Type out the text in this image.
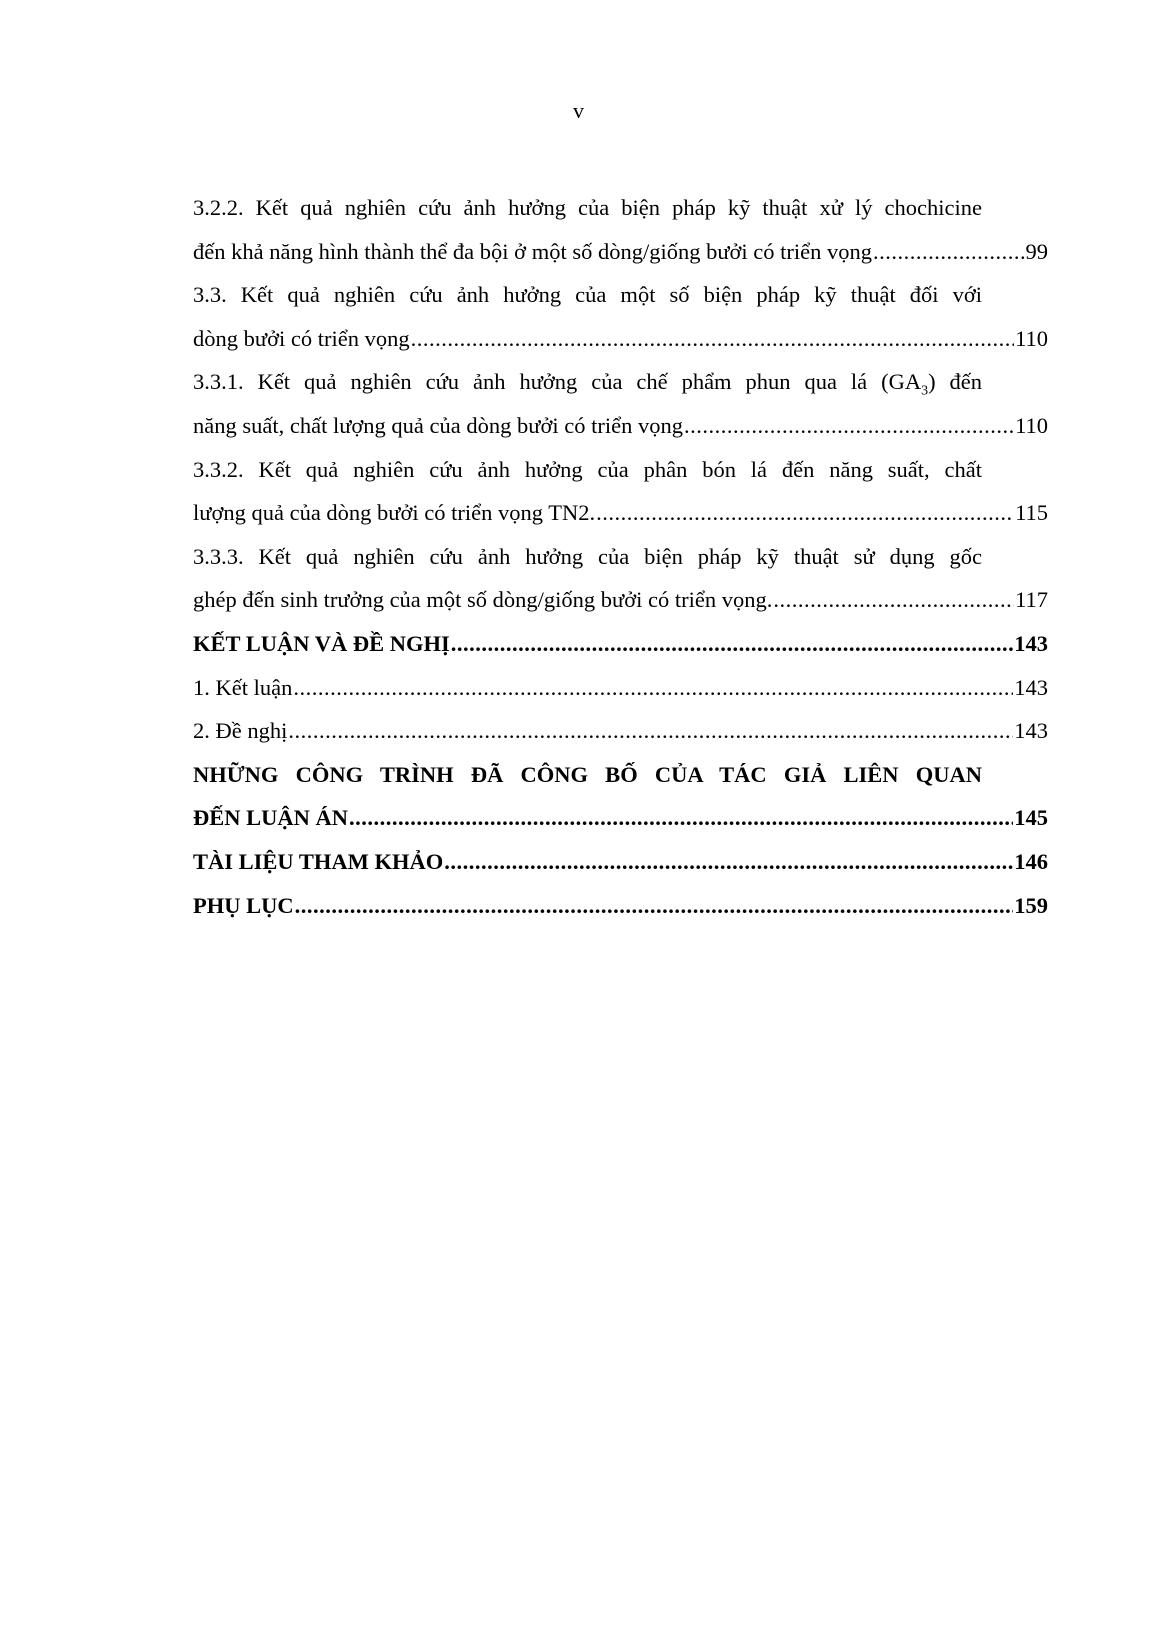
v
3.2.2. Kết quả nghiên cứu ảnh hưởng của biện pháp kỹ thuật xử lý chochicine
đến khả năng hình thành thể đa bội ở một số dòng/giống bưởi có triển vọng .....	99
3.3. Kết quả nghiên cứu ảnh hưởng của một số biện pháp kỹ thuật đối với
dòng bưởi có triển vọng .....	110
3.3.1. Kết quả nghiên cứu ảnh hưởng của chế phẩm phun qua lá $(GA_3)$ đến
năng suất, chất lượng quả của dòng bưởi có triển vọng .....	110
3.3.2. Kết quả nghiên cứu ảnh hưởng của phân bón lá đến năng suất, chất
lượng quả của dòng bưởi có triển vọng TN2. .....	115
3.3.3. Kết quả nghiên cứu ảnh hưởng của biện pháp kỹ thuật sử dụng gốc
ghép đến sinh trưởng của một số dòng/giống bưởi có triển vọng. .....	117
KẾT LUẬN VÀ ĐỀ NGHỊ .....	143
1. Kết luận .....	143
2. Đề nghị .....	143
NHỮNG CÔNG TRÌNH ĐÃ CÔNG BỐ CỦA TÁC GIẢ LIÊN QUAN
ĐẾN LUẬN ÁN .....	145
TÀI LIỆU THAM KHẢO .....	146
PHỤ LỤC .....	159
